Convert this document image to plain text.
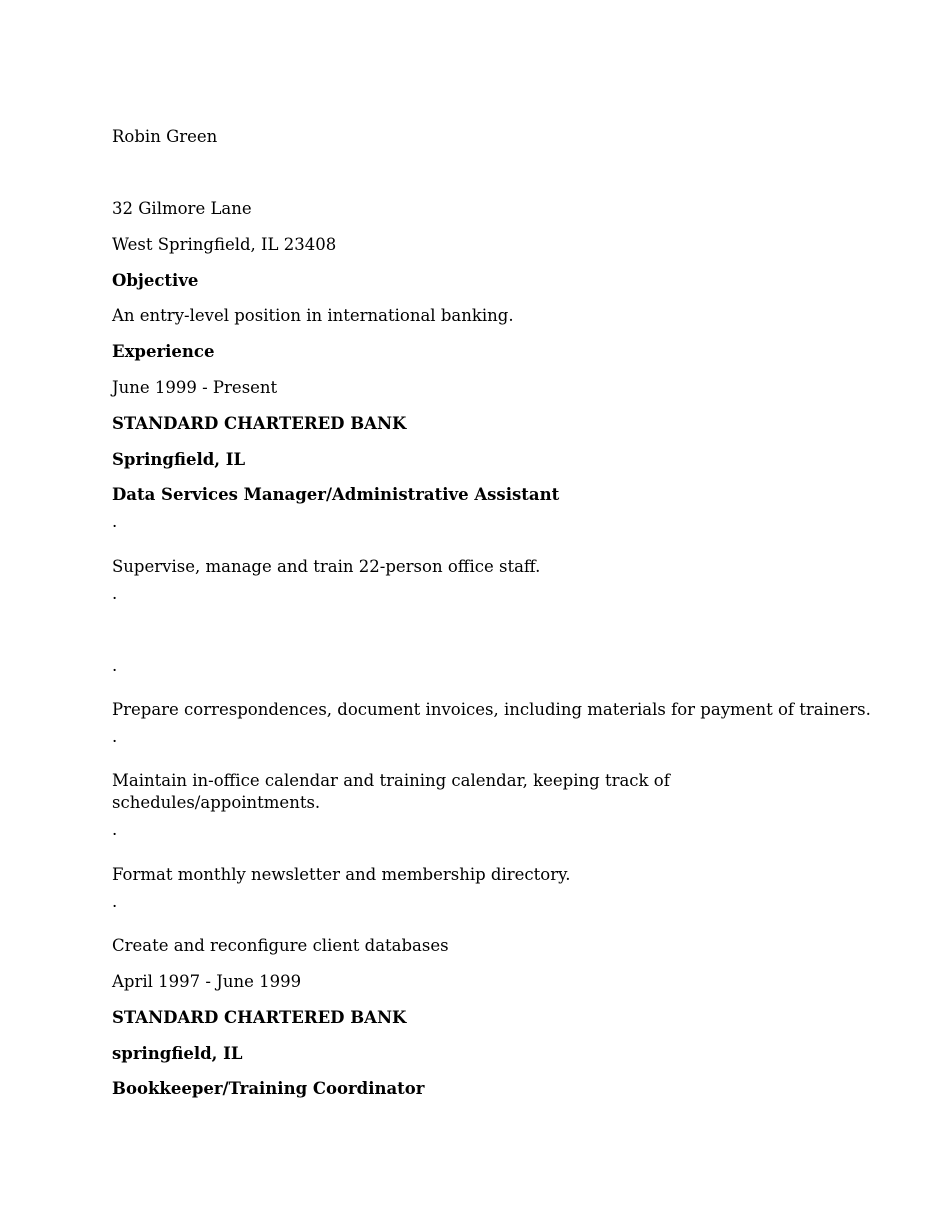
Robin Green

32 Gilmore Lane

West Springfield, IL 23408

Objective

An entry-level position in international banking.

Experience

June 1999 - Present

STANDARD CHARTERED BANK

Springfield, IL

Data Services Manager/Administrative Assistant

·

Supervise, manage and train 22-person office staff.

·

·

Prepare correspondences, document invoices, including materials for payment of trainers.

·

Maintain in-office calendar and training calendar, keeping track of schedules/appointments.

·

Format monthly newsletter and membership directory.

·

Create and reconfigure client databases

April 1997 - June 1999

STANDARD CHARTERED BANK

springfield, IL

Bookkeeper/Training Coordinator
